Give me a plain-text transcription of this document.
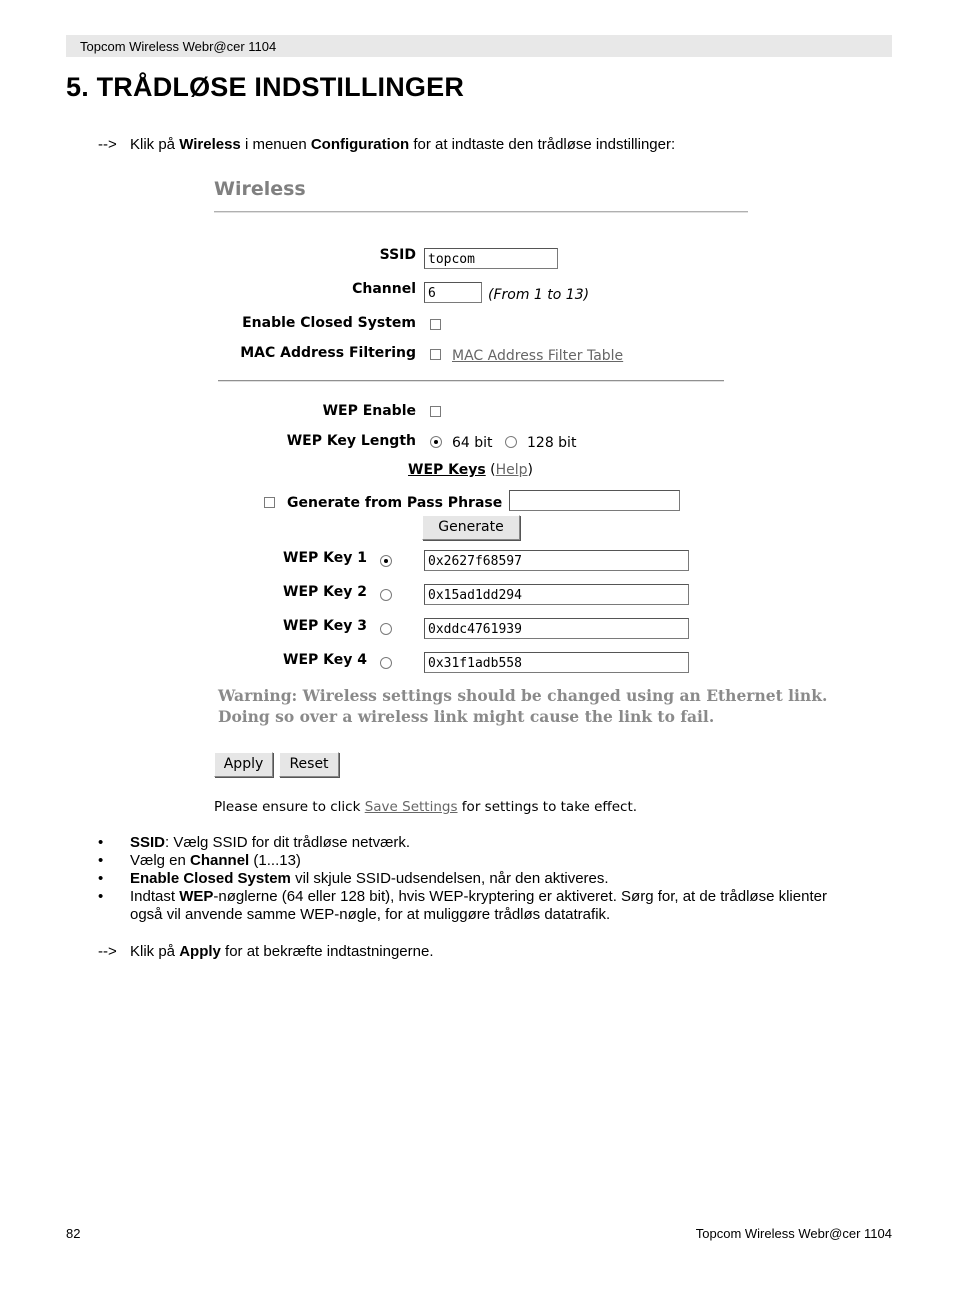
Topcom Wireless Webr@cer 1104
5. TRÅDLØSE INDSTILLINGER
--> Klik på Wireless i menuen Configuration for at indtaste den trådløse indstillinger:
Wireless
SSID topcom
Channel 6	(From 1 to 13)
Enable Closed System
MAC Address Filtering	MAC Address Filter Table
WEP Enable
WEP Key Length	64 bit 128 bit
WEP Keys (Help)
Generate from Pass Phrase
Generate
WEP Key 1	0x2627f68597
WEP Key 2	0x15ad1dd294
WEP Key 3	0xddc4761939
WEP Key 4	0x31f1adb558
Warning: Wireless settings should be changed using an Ethernet link.
Doing so over a wireless link might cause the link to fail.
Apply	Reset
Please ensure to click Save Settings for settings to take effect.
• SSID: Vælg SSID for dit trådløse netværk.
• Vælg en Channel (1...13)
• Enable Closed System vil skjule SSID-udsendelsen, når den aktiveres.
• Indtast WEP-nøglerne (64 eller 128 bit), hvis WEP-kryptering er aktiveret. Sørg for, at de trådløse klienter
også vil anvende samme WEP-nøgle, for at muliggøre trådløs datatrafik.
--> Klik på Apply for at bekræfte indtastningerne.
82	Topcom Wireless Webr@cer 1104
